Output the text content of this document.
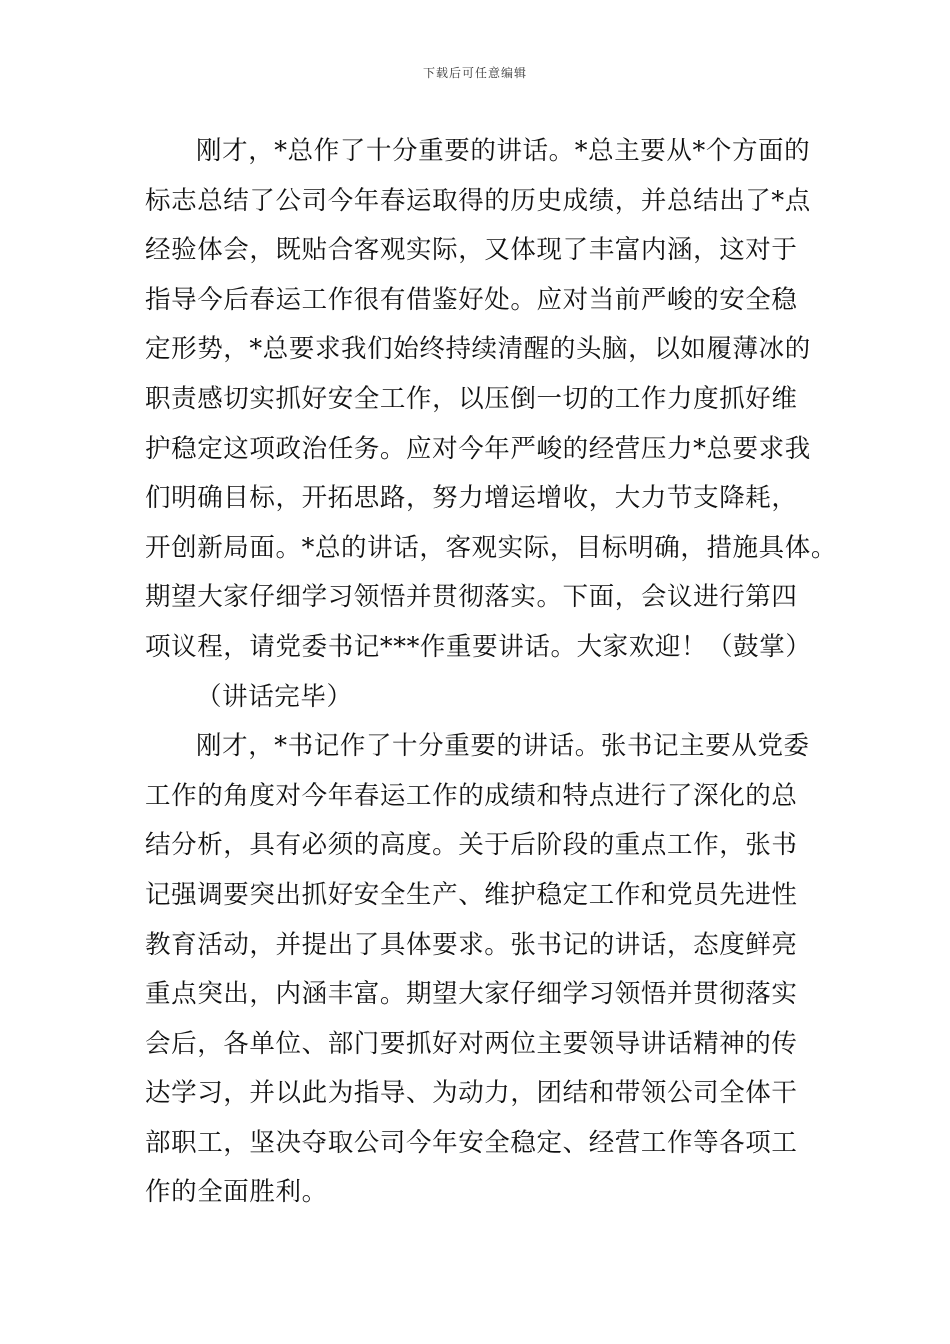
下载后可任意编辑
刚才，*总作了十分重要的讲话。*总主要从*个方面的
标志总结了公司今年春运取得的历史成绩，并总结出了*点
经验体会，既贴合客观实际，又体现了丰富内涵，这对于
指导今后春运工作很有借鉴好处。应对当前严峻的安全稳
定形势，*总要求我们始终持续清醒的头脑，以如履薄冰的
职责感切实抓好安全工作，以压倒一切的工作力度抓好维
护稳定这项政治任务。应对今年严峻的经营压力*总要求我
们明确目标，开拓思路，努力增运增收，大力节支降耗，
开创新局面。*总的讲话，客观实际，目标明确，措施具体。
期望大家仔细学习领悟并贯彻落实。下面，会议进行第四
项议程，请党委书记***作重要讲话。大家欢迎！（鼓掌）
（讲话完毕）
刚才，*书记作了十分重要的讲话。张书记主要从党委
工作的角度对今年春运工作的成绩和特点进行了深化的总
结分析，具有必须的高度。关于后阶段的重点工作，张书
记强调要突出抓好安全生产、维护稳定工作和党员先进性
教育活动，并提出了具体要求。张书记的讲话，态度鲜亮
重点突出，内涵丰富。期望大家仔细学习领悟并贯彻落实
会后，各单位、部门要抓好对两位主要领导讲话精神的传
达学习，并以此为指导、为动力，团结和带领公司全体干
部职工，坚决夺取公司今年安全稳定、经营工作等各项工
作的全面胜利。
